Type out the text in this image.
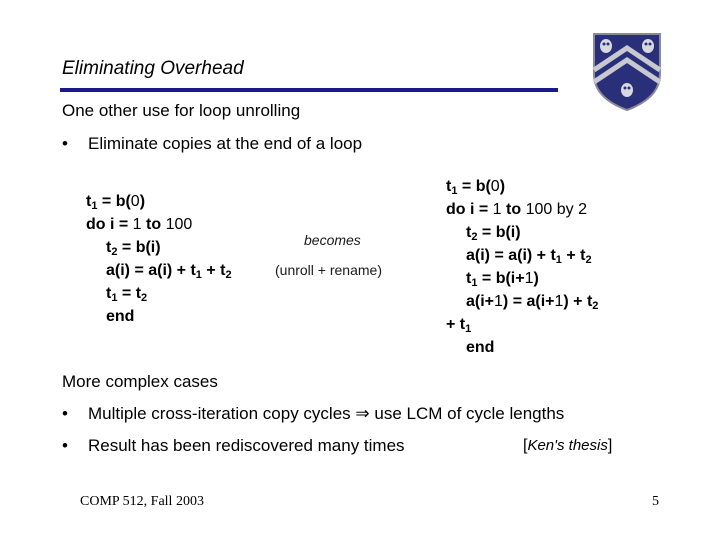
Eliminating Overhead
One other use for loop unrolling
• Eliminate copies at the end of a loop
$t_1 = b(0)$
do i = 1 to 100
$t_2 = b(i)$
$a(i) = a(i) + t_1 + t_2$
$t_1 = t_2$
end
becomes
(unroll + rename)
$t_1 = b(0)$
do i = 1 to 100 by 2
$t_2 = b(i)$
$a(i) = a(i) + t_1 + t_2$
$t_1 = b(i+1)$
$a(i+1) = a(i+1) + t_2$
+ $t_1$
end
More complex cases
• Multiple cross-iteration copy cycles ⇒ use LCM of cycle lengths
• Result has been rediscovered many times	[Ken's thesis]
COMP 512, Fall 2003	5
